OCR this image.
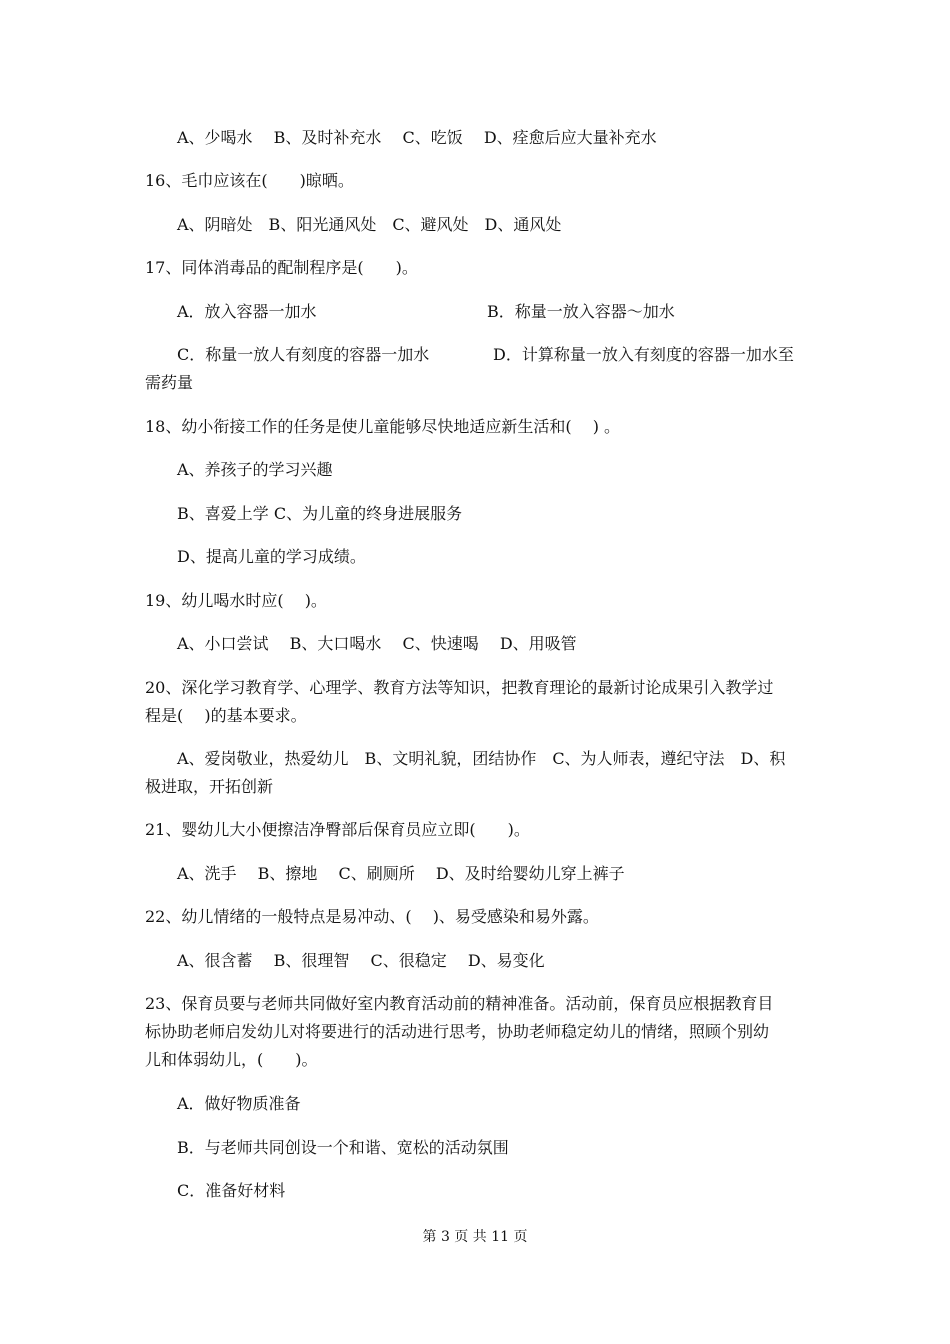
A、少喝水　 B、及时补充水　 C、吃饭　 D、痊愈后应大量补充水
16、毛巾应该在(　　)晾晒。
A、阴暗处　B、阳光通风处　C、避风处　D、通风处
17、同体消毒品的配制程序是(　　)。
A．放入容器一加水	B．称量一放入容器～加水
C．称量一放人有刻度的容器一加水	D．计算称量一放入有刻度的容器一加水至
需药量
18、幼小衔接工作的任务是使儿童能够尽快地适应新生活和(　 ) 。
A、养孩子的学习兴趣
B、喜爱上学 C、为儿童的终身进展服务
D、提高儿童的学习成绩。
19、幼儿喝水时应(　 )。
A、小口尝试　 B、大口喝水　 C、快速喝　 D、用吸管
20、深化学习教育学、心理学、教育方法等知识，把教育理论的最新讨论成果引入教学过
程是(　 )的基本要求。
A、爱岗敬业，热爱幼儿　B、文明礼貌，团结协作　C、为人师表，遵纪守法　D、积
极进取，开拓创新
21、婴幼儿大小便擦洁净臀部后保育员应立即(　　)。
A、洗手　 B、擦地　 C、刷厕所　 D、及时给婴幼儿穿上裤子
22、幼儿情绪的一般特点是易冲动、(　 )、易受感染和易外露。
A、很含蓄　 B、很理智　 C、很稳定　 D、易变化
23、保育员要与老师共同做好室内教育活动前的精神准备。活动前，保育员应根据教育目
标协助老师启发幼儿对将要进行的活动进行思考，协助老师稳定幼儿的情绪，照顾个别幼
儿和体弱幼儿，(　　)。
A．做好物质准备
B．与老师共同创设一个和谐、宽松的活动氛围
C．准备好材料
第 3 页 共 11 页
